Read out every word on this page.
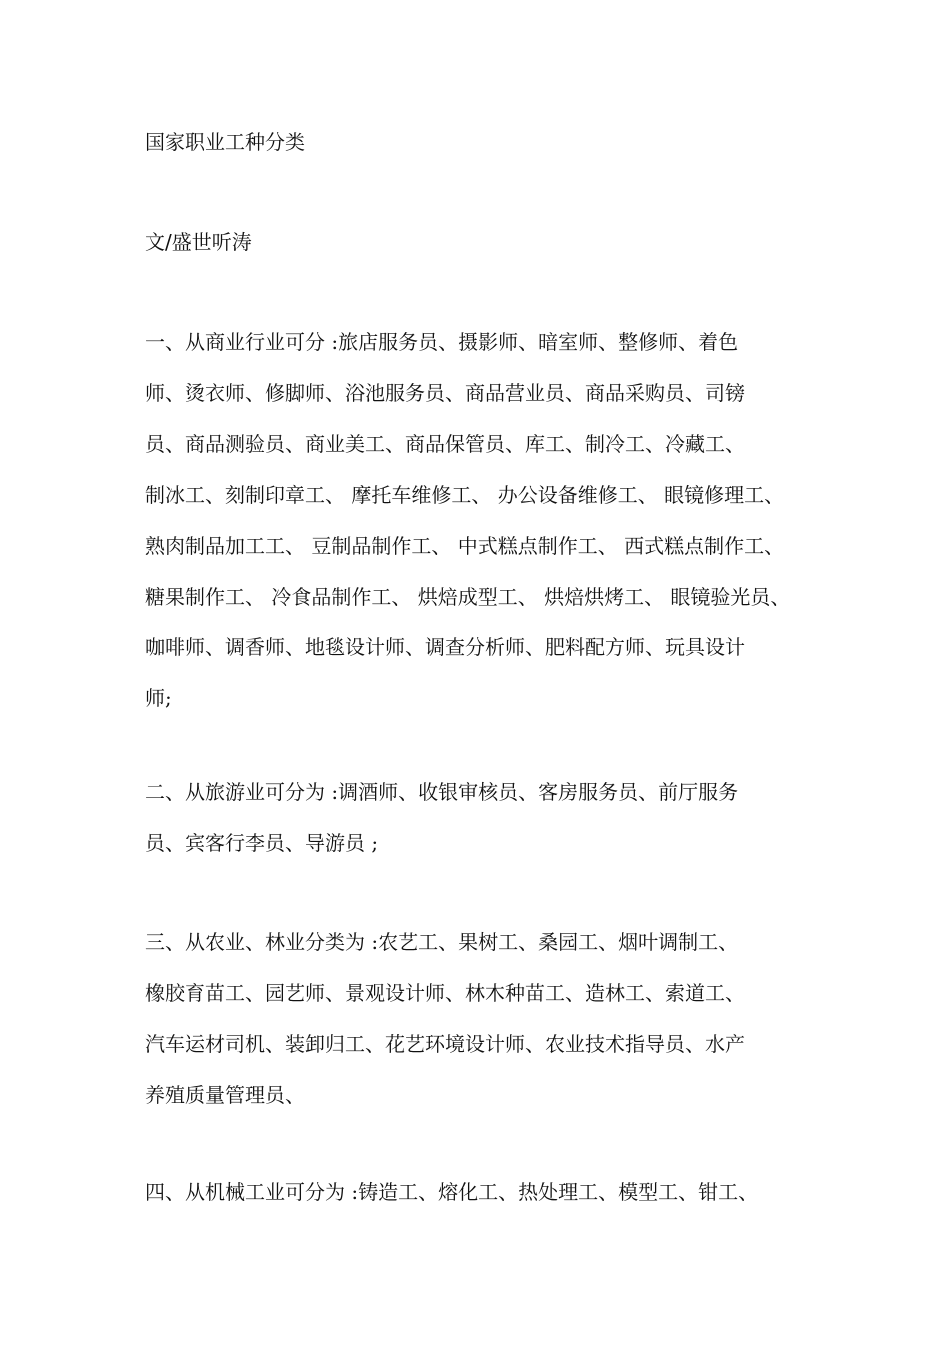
国家职业工种分类
文/盛世听涛
一、从商业行业可分 :旅店服务员、摄影师、暗室师、整修师、着色
师、烫衣师、修脚师、浴池服务员、商品营业员、商品采购员、司镑
员、商品测验员、商业美工、商品保管员、库工、制冷工、冷藏工、
制冰工、刻制印章工、 摩托车维修工、 办公设备维修工、 眼镜修理工、
熟肉制品加工工、 豆制品制作工、 中式糕点制作工、 西式糕点制作工、
糖果制作工、 冷食品制作工、 烘焙成型工、 烘焙烘烤工、 眼镜验光员、
咖啡师、调香师、地毯设计师、调查分析师、肥料配方师、玩具设计
师;
二、从旅游业可分为 :调酒师、收银审核员、客房服务员、前厅服务
员、宾客行李员、导游员 ;
三、从农业、林业分类为 :农艺工、果树工、桑园工、烟叶调制工、
橡胶育苗工、园艺师、景观设计师、林木种苗工、造林工、索道工、
汽车运材司机、装卸归工、花艺环境设计师、农业技术指导员、水产
养殖质量管理员、
四、从机械工业可分为 :铸造工、熔化工、热处理工、模型工、钳工、
